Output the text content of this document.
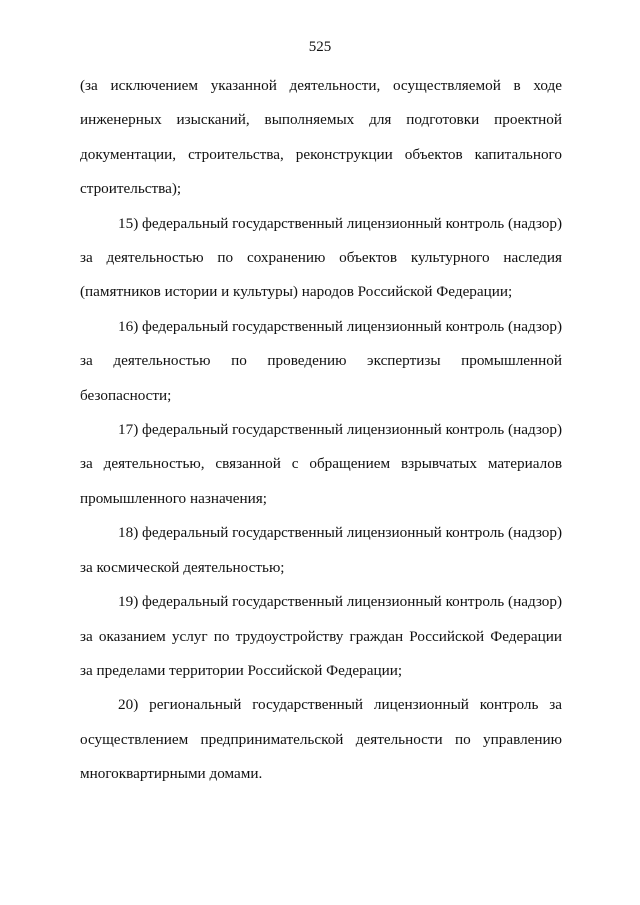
525

(за исключением указанной деятельности, осуществляемой в ходе инженерных изысканий, выполняемых для подготовки проектной документации, строительства, реконструкции объектов капитального строительства);

15) федеральный государственный лицензионный контроль (надзор) за деятельностью по сохранению объектов культурного наследия (памятников истории и культуры) народов Российской Федерации;

16) федеральный государственный лицензионный контроль (надзор) за деятельностью по проведению экспертизы промышленной безопасности;

17) федеральный государственный лицензионный контроль (надзор) за деятельностью, связанной с обращением взрывчатых материалов промышленного назначения;

18) федеральный государственный лицензионный контроль (надзор) за космической деятельностью;

19) федеральный государственный лицензионный контроль (надзор) за оказанием услуг по трудоустройству граждан Российской Федерации за пределами территории Российской Федерации;

20) региональный государственный лицензионный контроль за осуществлением предпринимательской деятельности по управлению многоквартирными домами.
